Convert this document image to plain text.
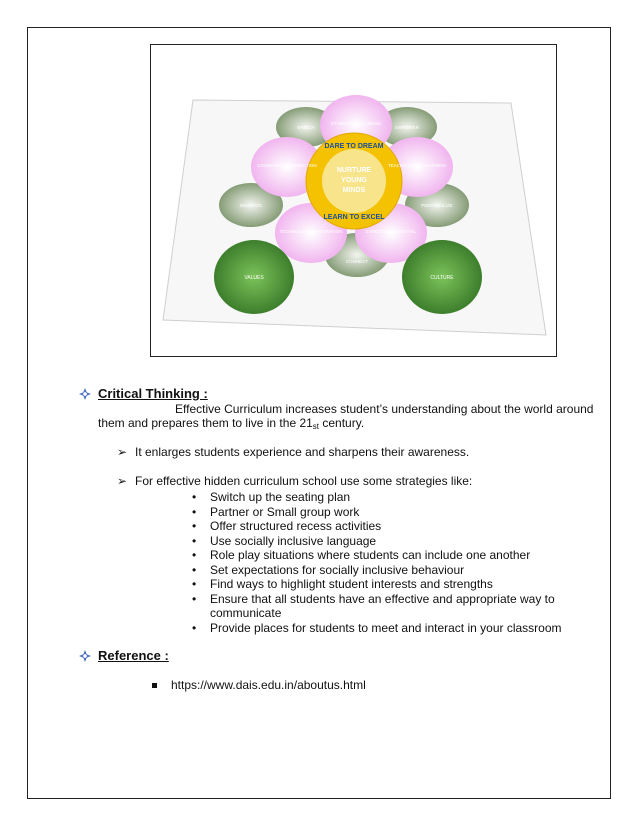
NURTURE
YOUNG
MINDS
DARE TO DREAM
LEARN TO EXCEL
STUDENT WELL-BEING
TEACHING AND LEARNING
EXPECTED POTENTIAL
TECHNOLOGY INTEGRATION
COMMUNITY CONNECTION
ENRICH	EMPOWER
PERSONALIZE
CONNECT
INNOVATE
VALUES	CULTURE
Critical Thinking :
Effective Curriculum increases student’s understanding about the world around
them and prepares them to live in the 21st century.
➢ It enlarges students experience and sharpens their awareness.
➢ For effective hidden curriculum school use some strategies like:
• Switch up the seating plan
• Partner or Small group work
• Offer structured recess activities
• Use socially inclusive language
• Role play situations where students can include one another
• Set expectations for socially inclusive behaviour
• Find ways to highlight student interests and strengths
• Ensure that all students have an effective and appropriate way to communicate
• Provide places for students to meet and interact in your classroom
Reference :
https://www.dais.edu.in/aboutus.html
